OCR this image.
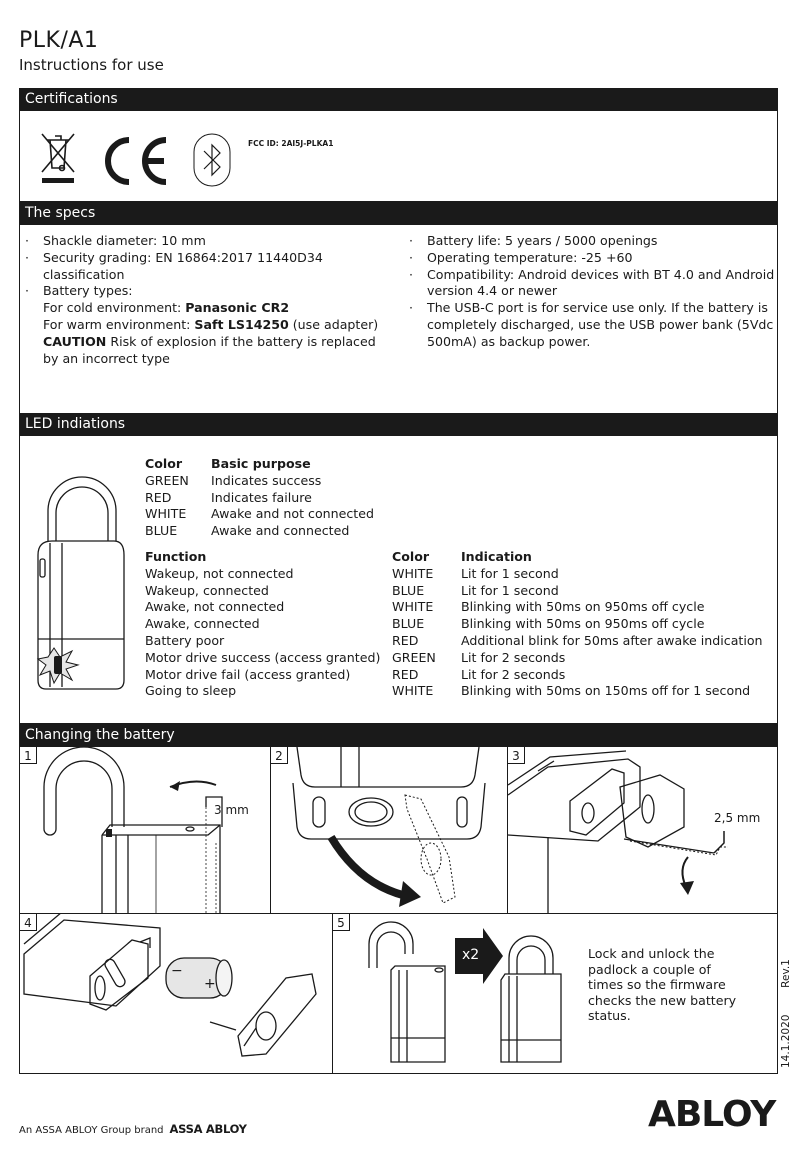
PLK/A1
Instructions for use
Certifications
FCC ID: 2AI5J-PLKA1
The specs
· Shackle diameter: 10 mm
· Security grading: EN 16864:2017 11440D34 classification
· Battery types:
For cold environment: Panasonic CR2
For warm environment: Saft LS14250 (use adapter)
CAUTION Risk of explosion if the battery is replaced by an incorrect type
· Battery life: 5 years / 5000 openings
· Operating temperature: -25 +60
· Compatibility: Android devices with BT 4.0 and Android version 4.4 or newer
· The USB-C port is for service use only. If the battery is completely discharged, use the USB power bank (5Vdc 500mA) as backup power.
LED indiations
Color Basic purpose
GREEN Indicates success
RED	Indicates failure
WHITE Awake and not connected
BLUE	Awake and connected
Function	Color	Indication
Wakeup, not connected	WHITE Lit for 1 second
Wakeup, connected	BLUE	Lit for 1 second
Awake, not connected	WHITE Blinking with 50ms on 950ms off cycle
Awake, connected	BLUE	Blinking with 50ms on 950ms off cycle
Battery poor	RED	Additional blink for 50ms after awake indication
Motor drive success (access granted) GREEN Lit for 2 seconds
Motor drive fail (access granted)	RED	Lit for 2 seconds
Going to sleep	WHITE Blinking with 50ms on 150ms off for 1 second
Changing the battery
1
3 mm
2	3
2,5 mm
4
−
+
5
x2	Lock and unlock the padlock a couple of times so the firmware checks the new battery status.	14.1.2020        Rev.1
An ASSA ABLOY Group brand ASSA ABLOY	ABLOY
